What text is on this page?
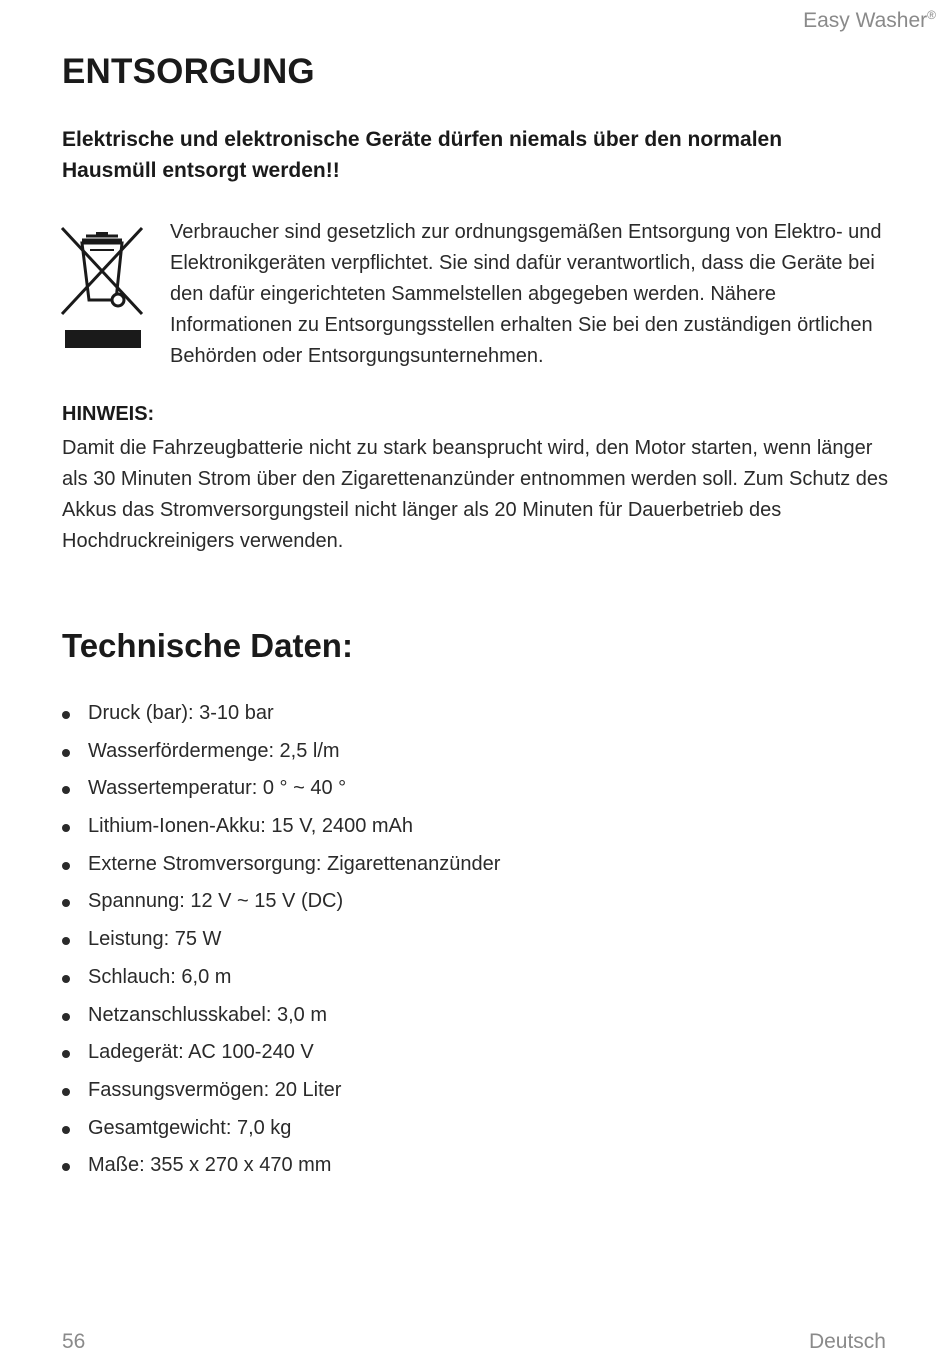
Easy Washer®
ENTSORGUNG

Elektrische und elektronische Geräte dürfen niemals über den normalen Hausmüll entsorgt werden!!

Verbraucher sind gesetzlich zur ordnungsgemäßen Entsorgung von Elektro- und Elektronikgeräten verpflichtet. Sie sind dafür verantwortlich, dass die Geräte bei den dafür eingerichteten Sammelstellen abgegeben werden. Nähere Informationen zu Entsorgungsstellen erhalten Sie bei den zuständigen örtlichen Behörden oder Entsorgungsunternehmen.

HINWEIS:

Damit die Fahrzeugbatterie nicht zu stark beansprucht wird, den Motor starten, wenn länger als 30 Minuten Strom über den Zigarettenanzünder entnommen werden soll. Zum Schutz des Akkus das Stromversorgungsteil nicht länger als 20 Minuten für Dauerbetrieb des Hochdruckreinigers verwenden.

Technische Daten:
Druck (bar): 3-10 bar
Wasserfördermenge: 2,5 l/m
Wassertemperatur: 0 ° ~ 40 °
Lithium-Ionen-Akku: 15 V, 2400 mAh
Externe Stromversorgung: Zigarettenanzünder
Spannung: 12 V ~ 15 V (DC)
Leistung: 75 W
Schlauch: 6,0 m
Netzanschlusskabel: 3,0 m
Ladegerät: AC 100-240 V
Fassungsvermögen: 20 Liter
Gesamtgewicht: 7,0 kg
Maße: 355 x 270 x 470 mm
56	Deutsch
